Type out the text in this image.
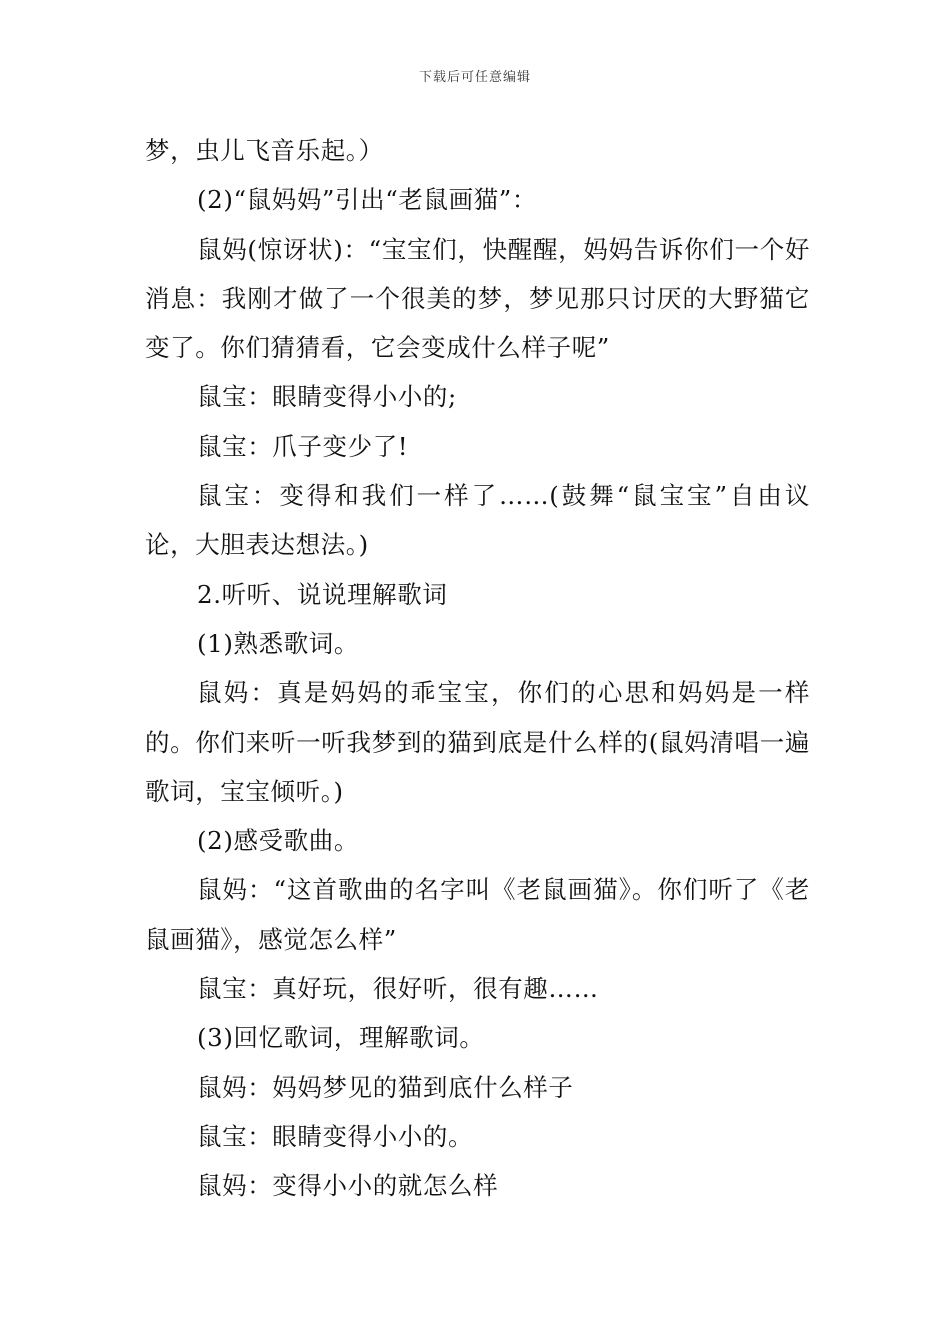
下载后可任意编辑

梦，虫儿飞音乐起。）

(2)“鼠妈妈”引出“老鼠画猫”：

鼠妈(惊讶状)：“宝宝们，快醒醒，妈妈告诉你们一个好消息：我刚才做了一个很美的梦，梦见那只讨厌的大野猫它变了。你们猜猜看，它会变成什么样子呢”

鼠宝：眼睛变得小小的;

鼠宝：爪子变少了!

鼠宝：变得和我们一样了……(鼓舞“鼠宝宝”自由议论，大胆表达想法。)

2.听听、说说理解歌词

(1)熟悉歌词。

鼠妈：真是妈妈的乖宝宝，你们的心思和妈妈是一样的。你们来听一听我梦到的猫到底是什么样的(鼠妈清唱一遍歌词，宝宝倾听。)

(2)感受歌曲。

鼠妈：“这首歌曲的名字叫《老鼠画猫》。你们听了《老鼠画猫》，感觉怎么样”

鼠宝：真好玩，很好听，很有趣……

(3)回忆歌词，理解歌词。

鼠妈：妈妈梦见的猫到底什么样子

鼠宝：眼睛变得小小的。

鼠妈：变得小小的就怎么样
